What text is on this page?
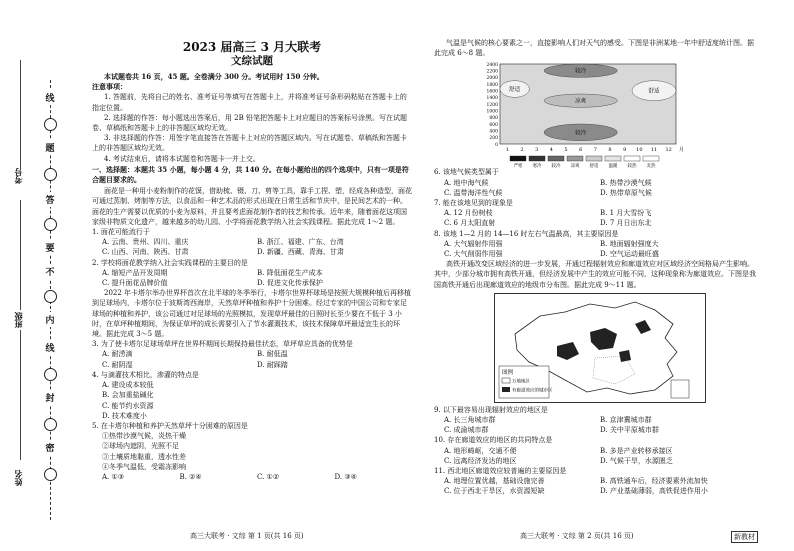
姓名
班级
考号
线
题
答
要
不
内
线
封
密
2023 届高三 3 月大联考
文综试题

本试题卷共 16 页，45 题。全卷满分 300 分。考试用时 150 分钟。

注意事项：

1. 答题前，先将自己的姓名、准考证号等填写在答题卡上，并将准考证号条形码粘贴在答题卡上的指定位置。

2. 选择题的作答：每小题选出答案后，用 2B 铅笔把答题卡上对应题目的答案标号涂黑。写在试题卷、草稿纸和答题卡上的非答题区域均无效。

3. 非选择题的作答：用签字笔直接答在答题卡上对应的答题区域内。写在试题卷、草稿纸和答题卡上的非答题区域均无效。

4. 考试结束后，请将本试题卷和答题卡一并上交。

一、选择题：本题共 35 小题，每小题 4 分，共 140 分。在每小题给出的四个选项中，只有一项是符合题目要求的。

面花是一种用小麦粉制作的花馍，借助梳、镊、刀、剪等工具，靠手工捏、塑，经成各种造型，面花可通过蒸制、烤制等方法，以食品和一种艺术品的形式出现在日常生活和节庆中，是民间艺术的一种。面花的生产需要以优质的小麦为原料，并且要考虑面花制作者的技艺和传承。近年来，随着面花这项国家级非物质文化遗产，越来越多的幼儿园、小学将面花教学纳入社会实践课程。据此完成 1～2 题。

1. 面花可能流行于

A. 云南、贵州、四川、重庆	B. 浙江、福建、广东、台湾
C. 山西、河南、陕西、甘肃	D. 新疆、西藏、青海、甘肃

2. 学校将面花教学纳入社会实践课程的主要目的是

A. 缩短产品开发周期	B. 降低面花生产成本
C. 提升面花品牌价值	D. 促进文化传承保护

2022 年卡塔尔举办世界杯首次在北半球的冬季举行，卡塔尔世界杯球场是按照大规模种植后再移植到足球场内，卡塔尔位于波斯湾西海岸，天然草坪种植和养护十分困难。经过专家的中国公司和专家足球场的种植和养护，该公司通过对足球场的光照模拟，发现草坪最佳的日照时长至少要在不低于 3 小时，在草坪种植期间，为保证草坪的成长需要引入了节水灌溉技术，该技术保障草坪最适宜生长的环境。据此完成 3～5 题。

3. 为了使卡塔尔足球场草坪在世界杯期间长期保持最佳状态，草坪草应具备的优势是

A. 耐涝滴	B. 耐低温
C. 耐阴湿	D. 耐踩踏

4. 与滴灌技术相比，渗灌的特点是

A. 建设成本较低
B. 会加重盐碱化
C. 能节约水资源
D. 技术难度小

5. 在卡塔尔种植和养护天然草坪十分困难的原因是

①热带沙漠气候，炎热干燥
②球场内遮阴，光照不足
③土壤质地黏重，透水性差
④冬季气温低，受霜冻影响
A. ①③	B. ②④	C. ①②	D. ③④
高三大联考 · 文综 第 1 页(共 16 页)

气温是气候的核心要素之一，直接影响人们对天气的感受。下图是非洲某地一年中舒适度统计图。据此完成 6～8 题。

较冷
舒适
凉爽
舒适
较冷
1 2 3 4 5 6 7 8 9 10 11 12 月
0
200
400
600
800
1000
1200
1400
1600
1800
2000
2200
2400
严寒 寒冷 较冷 凉爽 舒适 温暖 较热 炎热

6. 该地气候类型属于

A. 地中海气候	B. 热带沙漠气候
C. 温带海洋性气候	D. 热带草原气候

7. 能在该地见到的现象是

A. 12 月份树枝	B. 1 月大雪纷飞
C. 6 月太阳直射	D. 7 月日出东北

8. 该地 1—2 月的 14—16 时左右气温最高，其主要原因是

A. 大气辐射作用强	B. 地面辐射强度大
C. 大气削弱作用强	D. 空气运动最旺盛

高铁开通改变区域经济的进一步发展，开通过程辐射效应和廊道效应对区域经济空间格局产生影响。其中，少部分城市拥有高铁开通，但经济发展中产生的效应可能不同，这种现象称为廊道效应。下图是我国高铁开通后出现廊道效应的地级市分布图。据此完成 9～11 题。

图例
万地地区
有廊道效应的城市区

9. 以下最容易出现辐射效应的地区是

A. 长三角城市群	B. 京津冀城市群
C. 成渝城市群	D. 关中平原城市群

10. 存在廊道效应的地区的共同特点是

A. 地形崎岖，交通不便	B. 多是产业转移承接区
C. 远离经济发达的地区	D. 气候干旱，水源匮乏

11. 西北地区廊道效应较普遍的主要原因是

A. 地理位置优越，基础设施完善	B. 高铁通车后，经济要素外流加快
C. 位于西北干旱区，水资源短缺	D. 产业基础薄弱，高铁促进作用小
高三大联考 · 文综 第 2 页(共 16 页)	新教材
